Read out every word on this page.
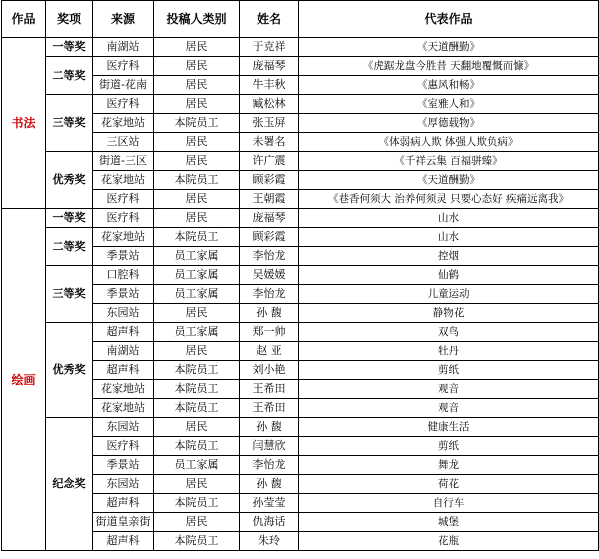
作品	奖项	来源	投稿人类别	姓名	代表作品
书法	一等奖	南湖站	居民	于克祥	《天道酬勤》
	二等奖	医疗科	居民	庞福琴	《虎踞龙盘今胜昔 天翻地覆慨而慷》
		街道-花南	居民	牛丰秋	《惠风和畅》
	三等奖	医疗科	居民	臧松林	《室雅人和》
		花家地站	本院员工	张玉屏	《厚德载物》
		三区站	居民	未署名	《体弱病人欺 体强人欺负病》
	优秀奖	街道-三区	居民	许广震	《千祥云集 百福骈臻》
		花家地站	本院员工	顾彩霞	《天道酬勤》
		医疗科	居民	王朝霞	《巷香何须大 治养何须灵 只要心态好 疾痛远离我》
绘画	一等奖	医疗科	居民	庞福琴	山水
	二等奖	花家地站	本院员工	顾彩霞	山水
		季景站	员工家属	李怡龙	控烟
	三等奖	口腔科	员工家属	吴媛媛	仙鹤
		季景站	员工家属	李怡龙	儿童运动
		东园站	居民	孙 馥	静物花
	优秀奖	超声科	员工家属	郑一帅	双鸟
		南湖站	居民	赵 亚	牡丹
		超声科	本院员工	刘小艳	剪纸
		花家地站	本院员工	王希田	观音
		花家地站	本院员工	王希田	观音
	纪念奖	东园站	居民	孙 馥	健康生活
		医疗科	本院员工	闫慧欣	剪纸
		季景站	员工家属	李怡龙	舞龙
		东园站	居民	孙 馥	荷花
		超声科	本院员工	孙莹莹	自行车
		街道皇亲街	居民	仇海话	城堡
		超声科	本院员工	朱玲	花瓶
